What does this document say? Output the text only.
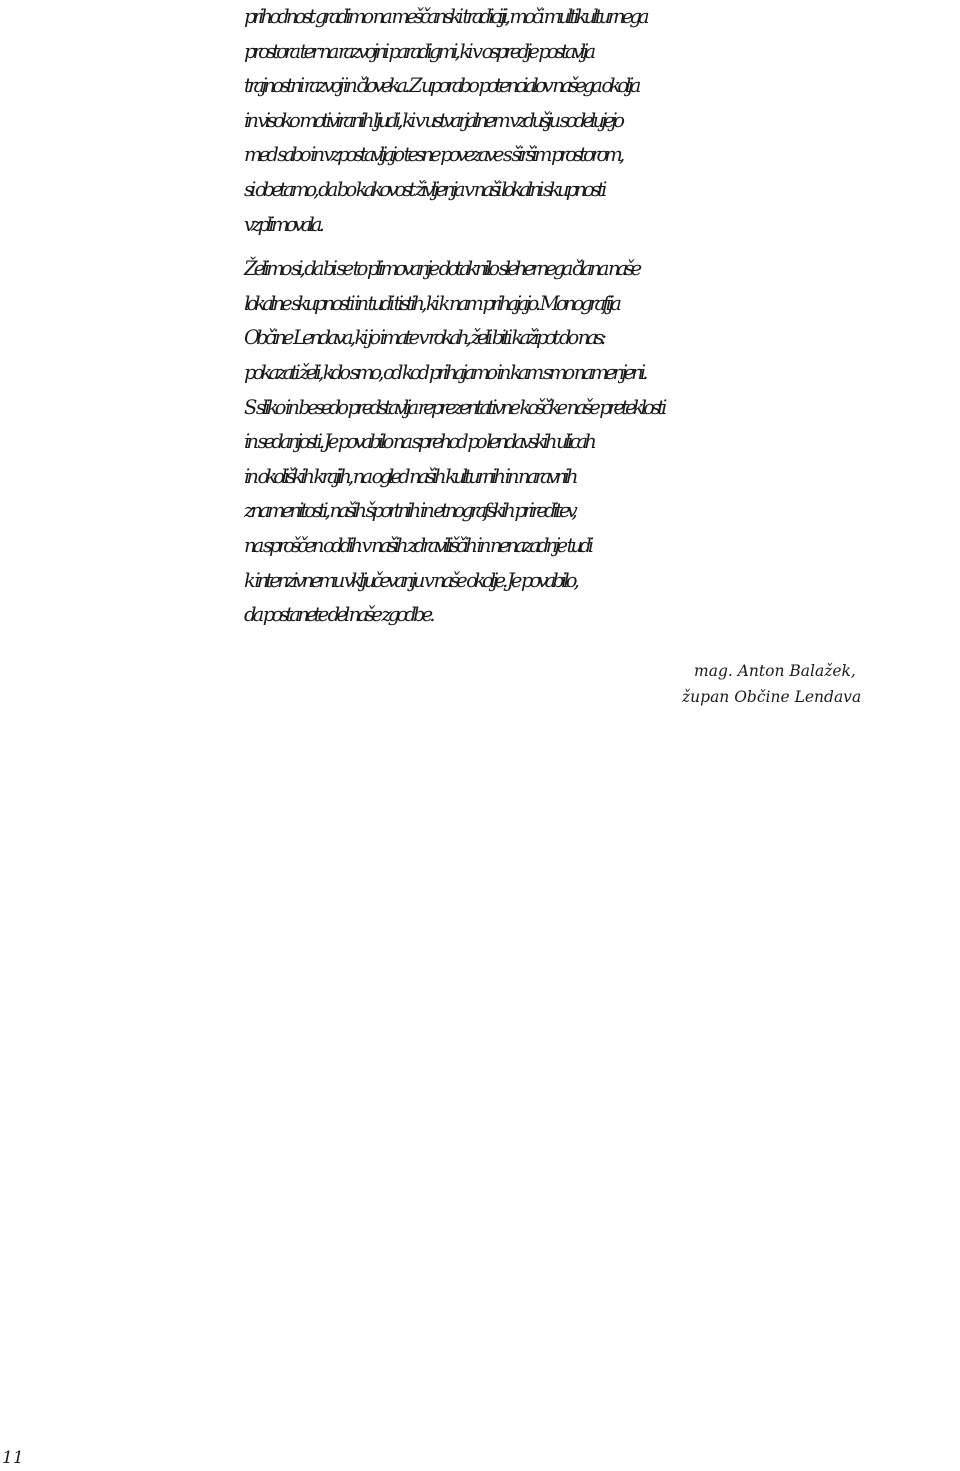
prihodnost gradimo na meščanski tradiciji, moči multikulturnega
prostora ter na razvojni paradigmi, ki v ospredje postavlja
trajnostni razvoj in človeka. Z uporabo potencialov našega okolja
in visoko motiviranih ljudi, ki v ustvarjalnem vzdušju sodelujejo
med sabo in vzpostavljajo tesne povezave s širšim prostorom,
si obetamo, da bo kakovost življenja v naši lokalni skupnosti
vzplimovala.
Želimo si, da bi se to plimovanje dotaknilo slehernega člana naše
lokalne skupnosti in tudi tistih, ki k nam prihajajo. Monografija
Občine Lendava, ki jo imate v rokah, želi biti kažipot do nas:
pokazati želi, kdo smo, od kod prihajamo in kam smo namenjeni.
S sliko in besedo predstavlja reprezentativne koščke naše preteklosti
in sedanjosti. Je povabilo na sprehod po lendavskih ulicah
in okoliških krajih, na ogled naših kulturnih in naravnih
znamenitosti, naših športnih in etnografskih prireditev,
na sproščen oddih v naših zdraviliščih in nenazadnje tudi
k intenzivnemu vključevanju v naše okolje. Je povabilo,
da postanete del naše zgodbe.
mag. Anton Balažek,
župan Občine Lendava
11
